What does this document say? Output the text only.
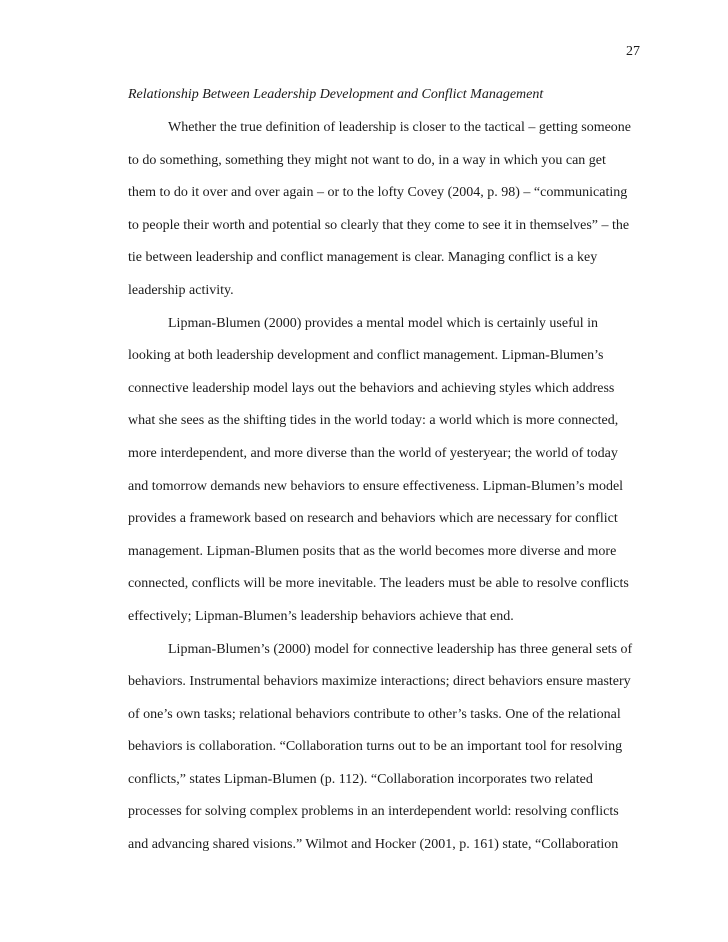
27
Relationship Between Leadership Development and Conflict Management
Whether the true definition of leadership is closer to the tactical – getting someone
to do something, something they might not want to do, in a way in which you can get
them to do it over and over again – or to the lofty Covey (2004, p. 98) – “communicating
to people their worth and potential so clearly that they come to see it in themselves” – the
tie between leadership and conflict management is clear. Managing conflict is a key
leadership activity.
Lipman-Blumen (2000) provides a mental model which is certainly useful in
looking at both leadership development and conflict management. Lipman-Blumen’s
connective leadership model lays out the behaviors and achieving styles which address
what she sees as the shifting tides in the world today: a world which is more connected,
more interdependent, and more diverse than the world of yesteryear; the world of today
and tomorrow demands new behaviors to ensure effectiveness. Lipman-Blumen’s model
provides a framework based on research and behaviors which are necessary for conflict
management. Lipman-Blumen posits that as the world becomes more diverse and more
connected, conflicts will be more inevitable. The leaders must be able to resolve conflicts
effectively; Lipman-Blumen’s leadership behaviors achieve that end.
Lipman-Blumen’s (2000) model for connective leadership has three general sets of
behaviors. Instrumental behaviors maximize interactions; direct behaviors ensure mastery
of one’s own tasks; relational behaviors contribute to other’s tasks. One of the relational
behaviors is collaboration. “Collaboration turns out to be an important tool for resolving
conflicts,” states Lipman-Blumen (p. 112). “Collaboration incorporates two related
processes for solving complex problems in an interdependent world: resolving conflicts
and advancing shared visions.” Wilmot and Hocker (2001, p. 161) state, “Collaboration
